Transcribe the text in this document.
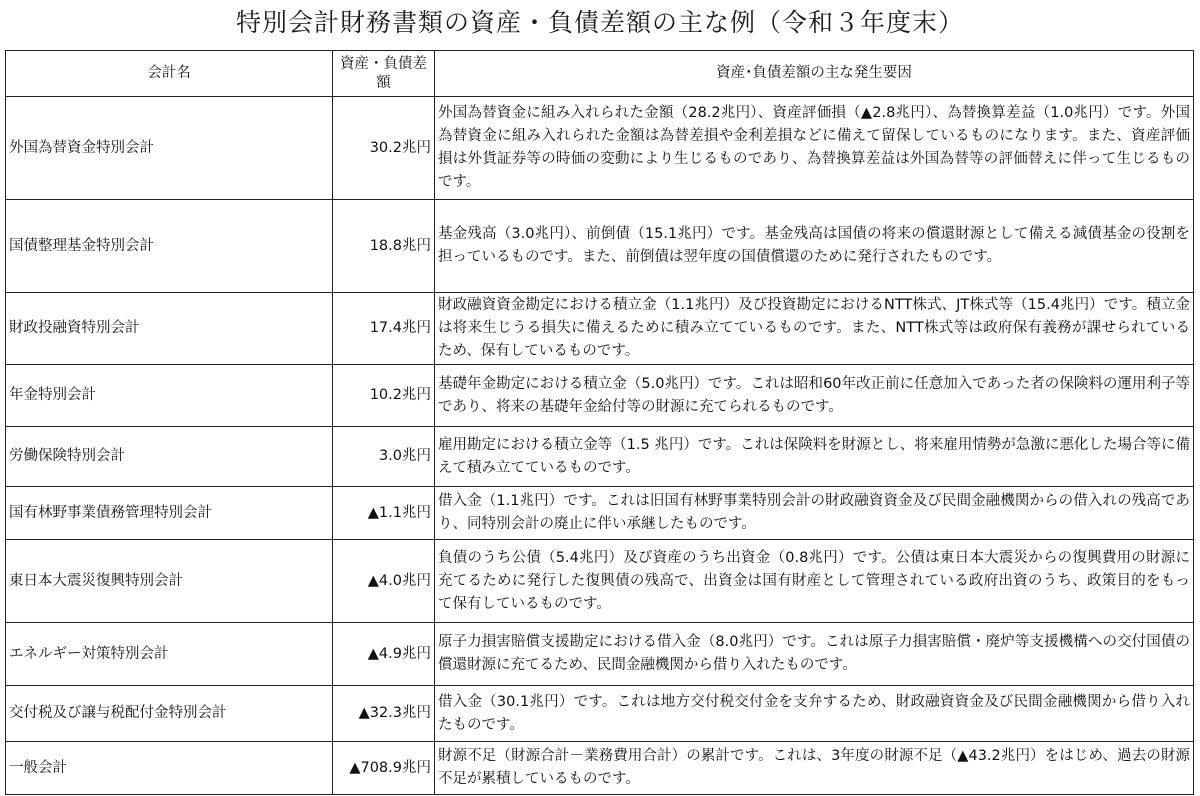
特別会計財務書類の資産・負債差額の主な例（令和３年度末）
会計名	資産・負債差額	資産･負債差額の主な発生要因
外国為替資金特別会計	30.2兆円	外国為替資金に組み入れられた金額（28.2兆円）、資産評価損（▲2.8兆円）、為替換算差益（1.0兆円）です。外国為替資金に組み入れられた金額は為替差損や金利差損などに備えて留保しているものになります。また、資産評価損は外貨証券等の時価の変動により生じるものであり、為替換算差益は外国為替等の評価替えに伴って生じるものです。
国債整理基金特別会計	18.8兆円	基金残高（3.0兆円）、前倒債（15.1兆円）です。基金残高は国債の将来の償還財源として備える減債基金の役割を担っているものです。また、前倒債は翌年度の国債償還のために発行されたものです。
財政投融資特別会計	17.4兆円	財政融資資金勘定における積立金（1.1兆円）及び投資勘定におけるNTT株式、JT株式等（15.4兆円）です。積立金は将来生じうる損失に備えるために積み立てているものです。また、NTT株式等は政府保有義務が課せられているため、保有しているものです。
年金特別会計	10.2兆円	基礎年金勘定における積立金（5.0兆円）です。これは昭和60年改正前に任意加入であった者の保険料の運用利子等であり、将来の基礎年金給付等の財源に充てられるものです。
労働保険特別会計	3.0兆円	雇用勘定における積立金等（1.5 兆円）です。これは保険料を財源とし、将来雇用情勢が急激に悪化した場合等に備えて積み立てているものです。
国有林野事業債務管理特別会計	▲1.1兆円	借入金（1.1兆円）です。これは旧国有林野事業特別会計の財政融資資金及び民間金融機関からの借入れの残高であり、同特別会計の廃止に伴い承継したものです。
東日本大震災復興特別会計	▲4.0兆円	負債のうち公債（5.4兆円）及び資産のうち出資金（0.8兆円）です。公債は東日本大震災からの復興費用の財源に充てるために発行した復興債の残高で、出資金は国有財産として管理されている政府出資のうち、政策目的をもって保有しているものです。
エネルギー対策特別会計	▲4.9兆円	原子力損害賠償支援勘定における借入金（8.0兆円）です。これは原子力損害賠償・廃炉等支援機構への交付国債の償還財源に充てるため、民間金融機関から借り入れたものです。
交付税及び譲与税配付金特別会計	▲32.3兆円	借入金（30.1兆円）です。これは地方交付税交付金を支弁するため、財政融資資金及び民間金融機関から借り入れたものです。
一般会計	▲708.9兆円	財源不足（財源合計－業務費用合計）の累計です。これは、3年度の財源不足（▲43.2兆円）をはじめ、過去の財源不足が累積しているものです。
